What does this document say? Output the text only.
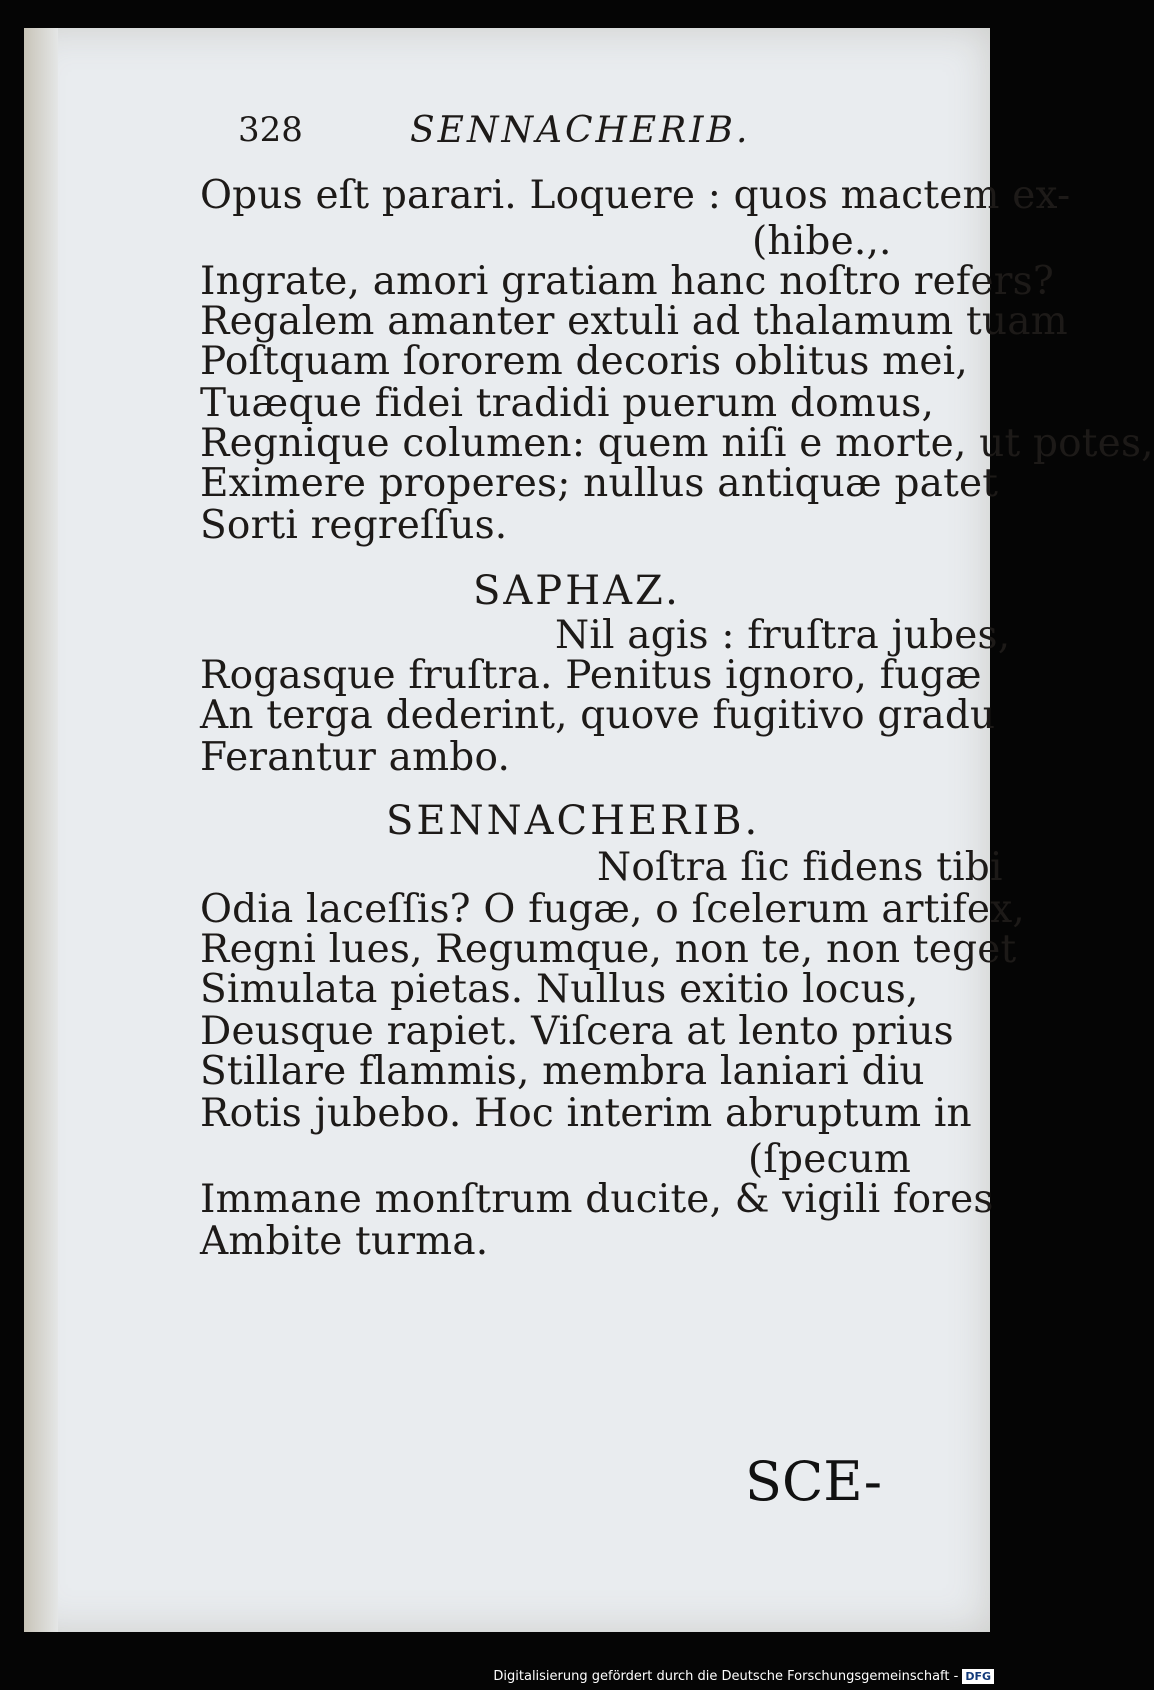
328	SENNACHERIB.
Opus eſt parari. Loquere : quos mactem ex-
(hibe.,.
Ingrate, amori gratiam hanc noſtro refers?
Regalem amanter extuli ad thalamum tuam
Poſtquam ſororem decoris oblitus mei,
Tuæque fidei tradidi puerum domus,
Regnique columen: quem niſi e morte, ut potes,
Eximere properes; nullus antiquæ patet
Sorti regreſſus.
SAPHAZ.
Nil agis : fruſtra jubes,
Rogasque fruſtra. Penitus ignoro, fugæ
An terga dederint, quove fugitivo gradu
Ferantur ambo.
SENNACHERIB.
Noſtra ſic fidens tibi
Odia laceſſis? O fugæ, o ſcelerum artifex,
Regni lues, Regumque, non te, non teget
Simulata pietas. Nullus exitio locus,
Deusque rapiet. Viſcera at lento prius
Stillare flammis, membra laniari diu
Rotis jubebo. Hoc interim abruptum in
(ſpecum
Immane monſtrum ducite, & vigili fores
Ambite turma.
SCE-
Digitalisierung gefördert durch die Deutsche Forschungsgemeinschaft - DFG
